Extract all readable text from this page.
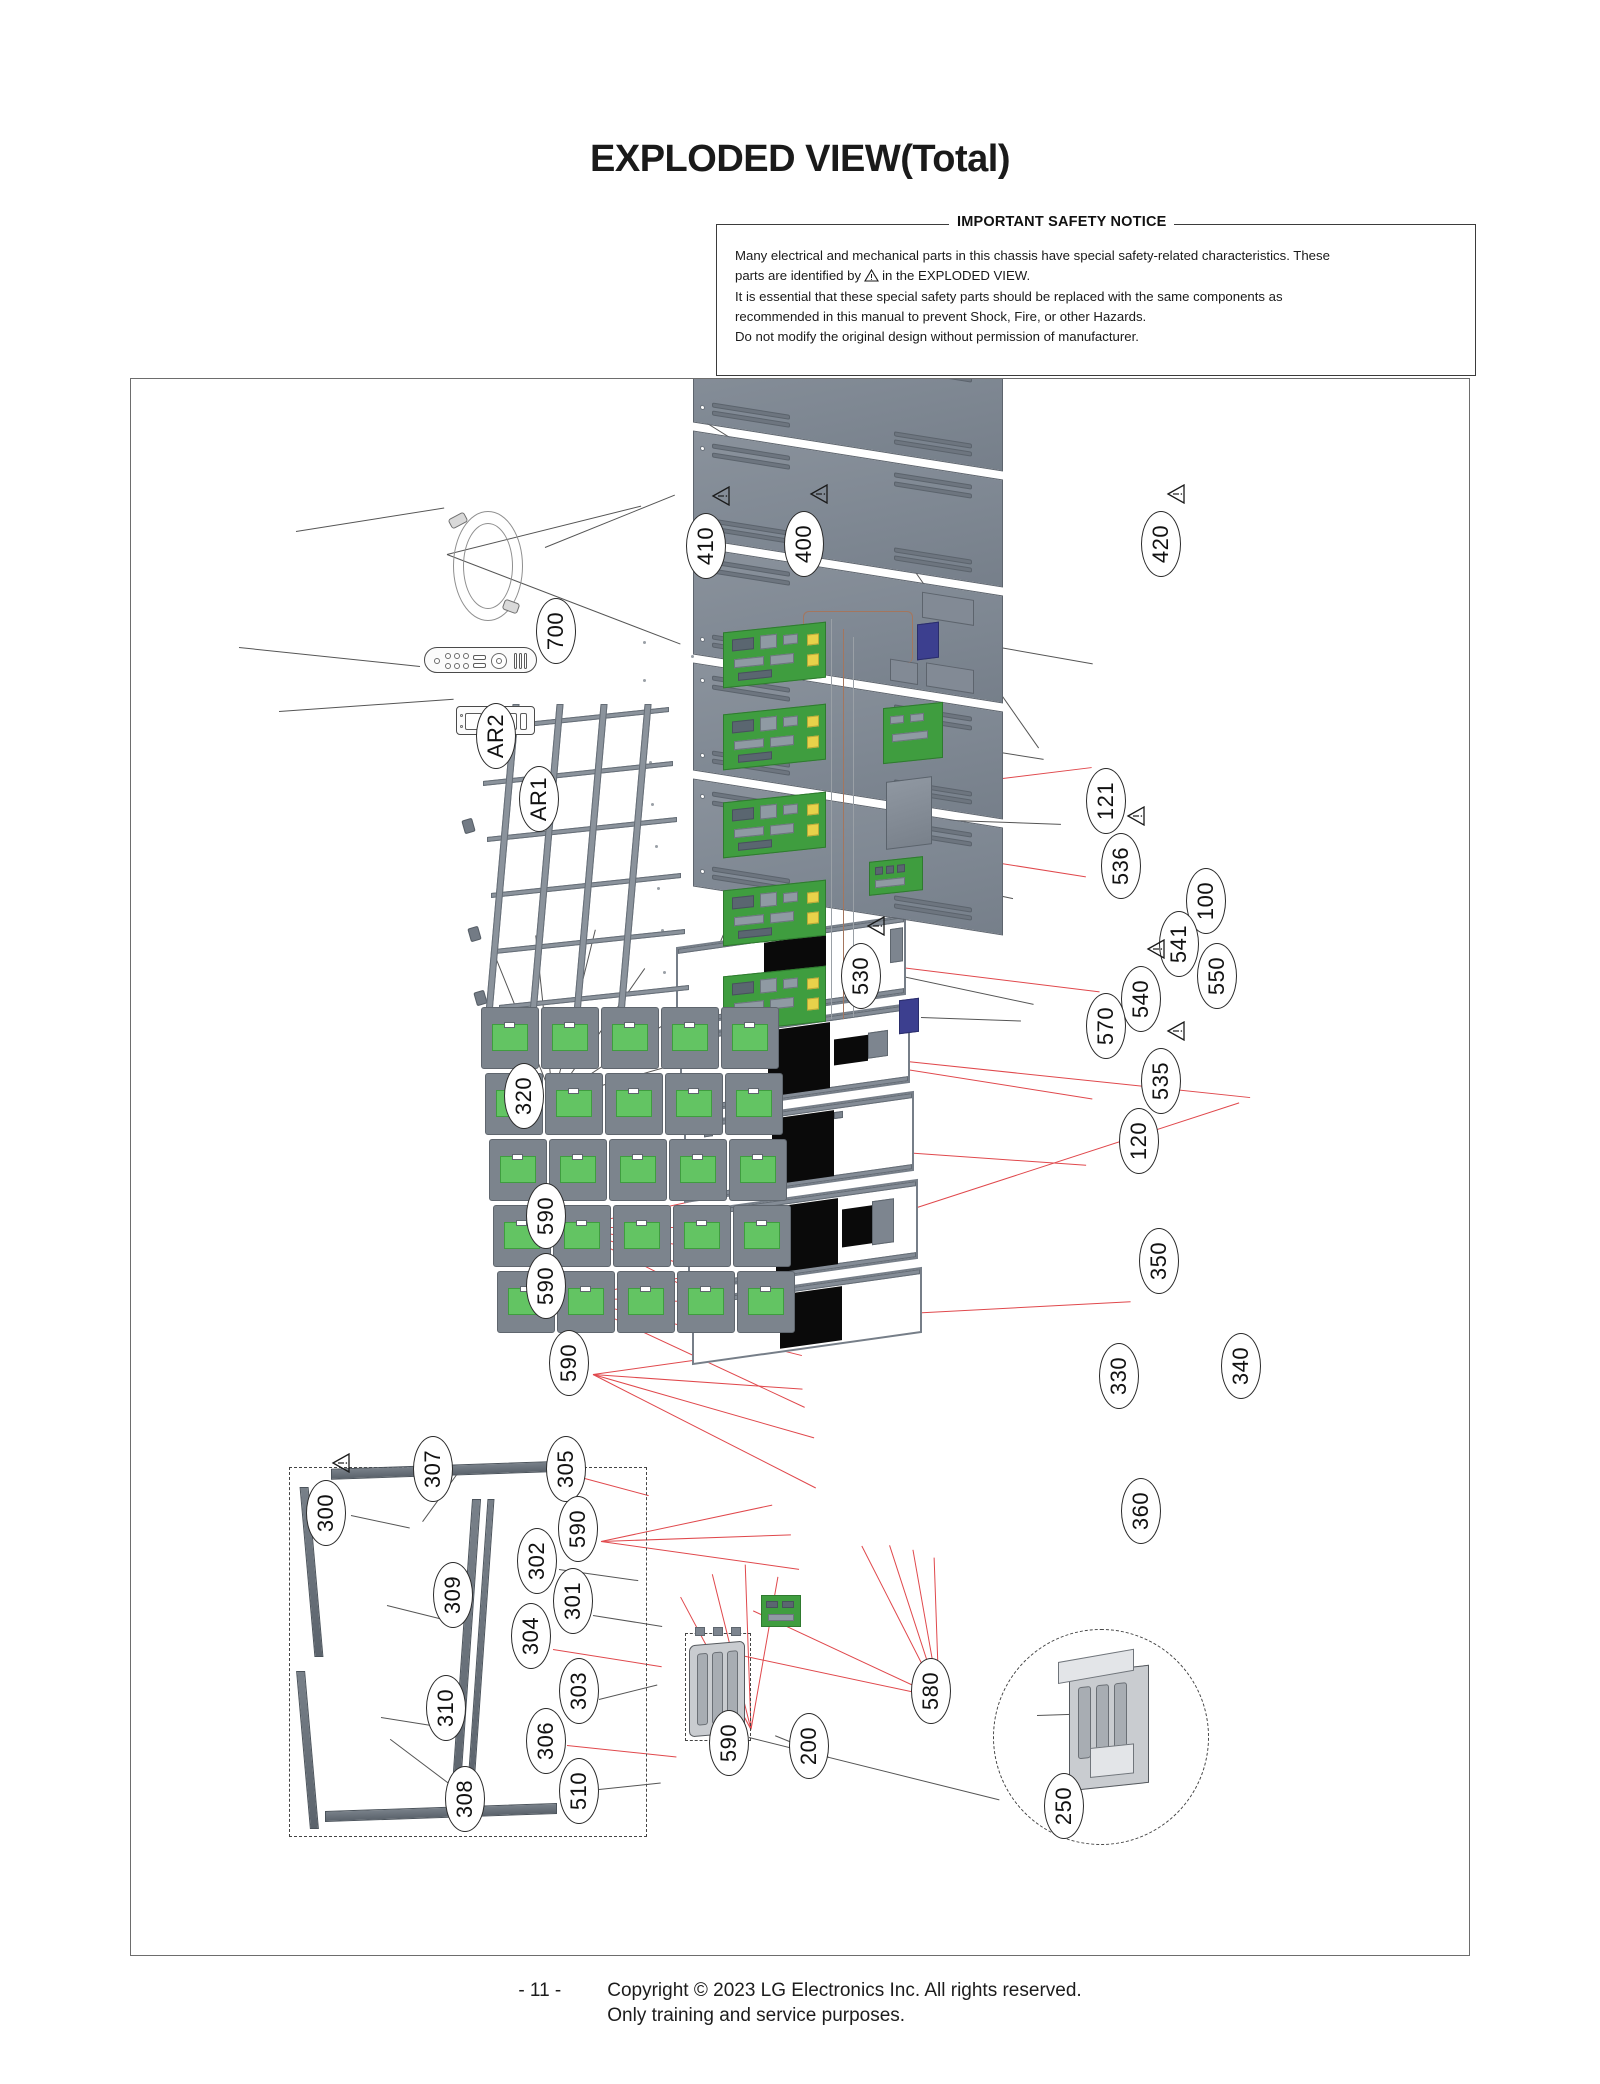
EXPLODED VIEW(Total)
IMPORTANT SAFETY NOTICE

Many electrical and mechanical parts in this chassis have special safety-related characteristics. These

parts are identified by in the EXPLODED VIEW.

It is essential that these special safety parts should be replaced with the same components as

recommended in this manual to prevent Shock, Fire, or other Hazards.

Do not modify the original design without permission of manufacturer.

410	400	420
700
AR2
AR1	121
536
100
541
550
530
540
570
535
120
320
590
590
590
350
330	340
360
307	305
300	590
302
309	301
304
310	303
306
510
308
590	200
580
250
- 11 - Copyright © 2023 LG Electronics Inc. All rights reserved.
Only training and service purposes.
